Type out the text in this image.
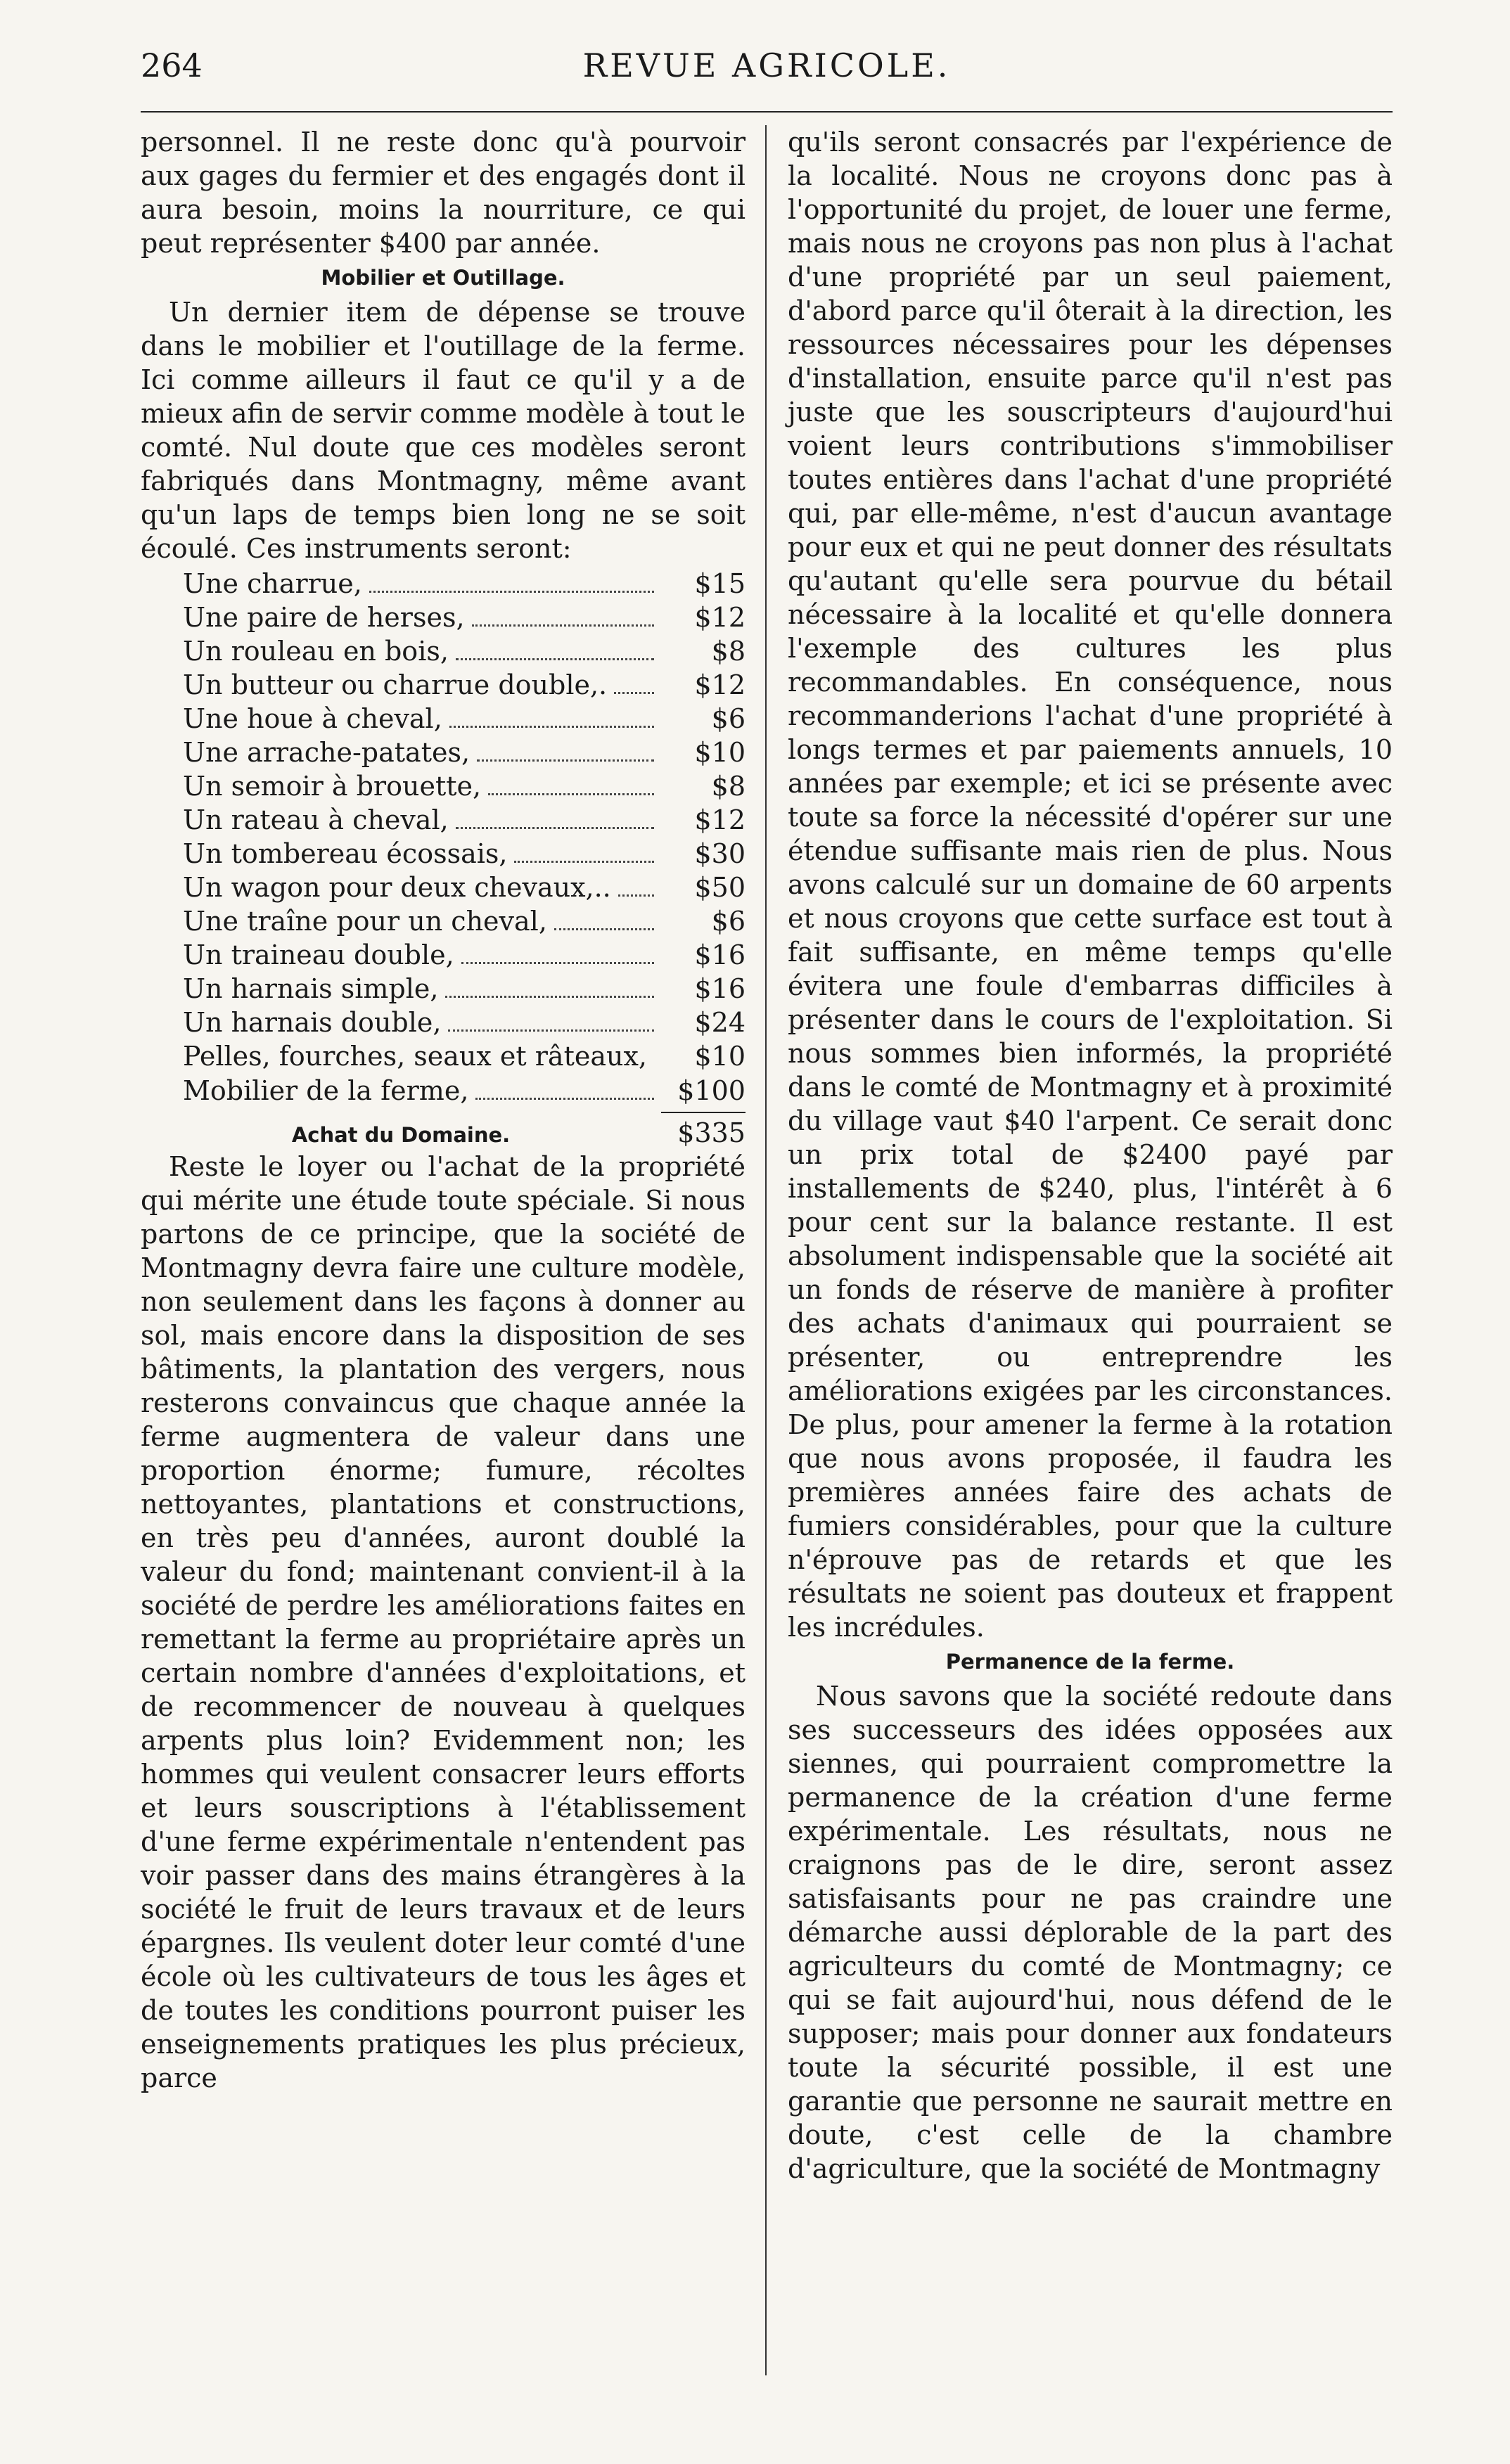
264	REVUE AGRICOLE.

personnel. Il ne reste donc qu'à pourvoir aux gages du fermier et des engagés dont il aura besoin, moins la nourriture, ce qui peut représenter $400 par année.

Mobilier et Outillage.

Un dernier item de dépense se trouve dans le mobilier et l'outillage de la ferme. Ici comme ailleurs il faut ce qu'il y a de mieux afin de servir comme modèle à tout le comté. Nul doute que ces modèles seront fabriqués dans Montmagny, même avant qu'un laps de temps bien long ne se soit écoulé. Ces instruments seront:

Une charrue,	$15
Une paire de herses,	$12
Un rouleau en bois,	$8
Un butteur ou charrue double,.	$12
Une houe à cheval,	$6
Une arrache-patates,	$10
Un semoir à brouette,	$8
Un rateau à cheval,	$12
Un tombereau écossais,	$30
Un wagon pour deux chevaux,..	$50
Une traîne pour un cheval,	$6
Un traineau double,	$16
Un harnais simple,	$16
Un harnais double,	$24
Pelles, fourches, seaux et râteaux,	$10
Mobilier de la ferme,	$100
Achat du Domaine.	$335

Reste le loyer ou l'achat de la propriété qui mérite une étude toute spéciale. Si nous partons de ce principe, que la société de Montmagny devra faire une culture modèle, non seulement dans les façons à donner au sol, mais encore dans la disposition de ses bâtiments, la plantation des vergers, nous resterons convaincus que chaque année la ferme augmentera de valeur dans une proportion énorme; fumure, récoltes nettoyantes, plantations et constructions, en très peu d'années, auront doublé la valeur du fond; maintenant convient-il à la société de perdre les améliorations faites en remettant la ferme au propriétaire après un certain nombre d'années d'exploitations, et de recommencer de nouveau à quelques arpents plus loin? Evidemment non; les hommes qui veulent consacrer leurs efforts et leurs souscriptions à l'établissement d'une ferme expérimentale n'entendent pas voir passer dans des mains étrangères à la société le fruit de leurs travaux et de leurs épargnes. Ils veulent doter leur comté d'une école où les cultivateurs de tous les âges et de toutes les conditions pourront puiser les enseignements pratiques les plus précieux, parce

qu'ils seront consacrés par l'expérience de la localité. Nous ne croyons donc pas à l'opportunité du projet, de louer une ferme, mais nous ne croyons pas non plus à l'achat d'une propriété par un seul paiement, d'abord parce qu'il ôterait à la direction, les ressources nécessaires pour les dépenses d'installation, ensuite parce qu'il n'est pas juste que les souscripteurs d'aujourd'hui voient leurs contributions s'immobiliser toutes entières dans l'achat d'une propriété qui, par elle-même, n'est d'aucun avantage pour eux et qui ne peut donner des résultats qu'autant qu'elle sera pourvue du bétail nécessaire à la localité et qu'elle donnera l'exemple des cultures les plus recommandables. En conséquence, nous recommanderions l'achat d'une propriété à longs termes et par paiements annuels, 10 années par exemple; et ici se présente avec toute sa force la nécessité d'opérer sur une étendue suffisante mais rien de plus. Nous avons calculé sur un domaine de 60 arpents et nous croyons que cette surface est tout à fait suffisante, en même temps qu'elle évitera une foule d'embarras difficiles à présenter dans le cours de l'exploitation. Si nous sommes bien informés, la propriété dans le comté de Montmagny et à proximité du village vaut $40 l'arpent. Ce serait donc un prix total de $2400 payé par installements de $240, plus, l'intérêt à 6 pour cent sur la balance restante. Il est absolument indispensable que la société ait un fonds de réserve de manière à profiter des achats d'animaux qui pourraient se présenter, ou entreprendre les améliorations exigées par les circonstances. De plus, pour amener la ferme à la rotation que nous avons proposée, il faudra les premières années faire des achats de fumiers considérables, pour que la culture n'éprouve pas de retards et que les résultats ne soient pas douteux et frappent les incrédules.

Permanence de la ferme.

Nous savons que la société redoute dans ses successeurs des idées opposées aux siennes, qui pourraient compromettre la permanence de la création d'une ferme expérimentale. Les résultats, nous ne craignons pas de le dire, seront assez satisfaisants pour ne pas craindre une démarche aussi déplorable de la part des agriculteurs du comté de Montmagny; ce qui se fait aujourd'hui, nous défend de le supposer; mais pour donner aux fondateurs toute la sécurité possible, il est une garantie que personne ne saurait mettre en doute, c'est celle de la chambre d'agriculture, que la société de Montmagny
